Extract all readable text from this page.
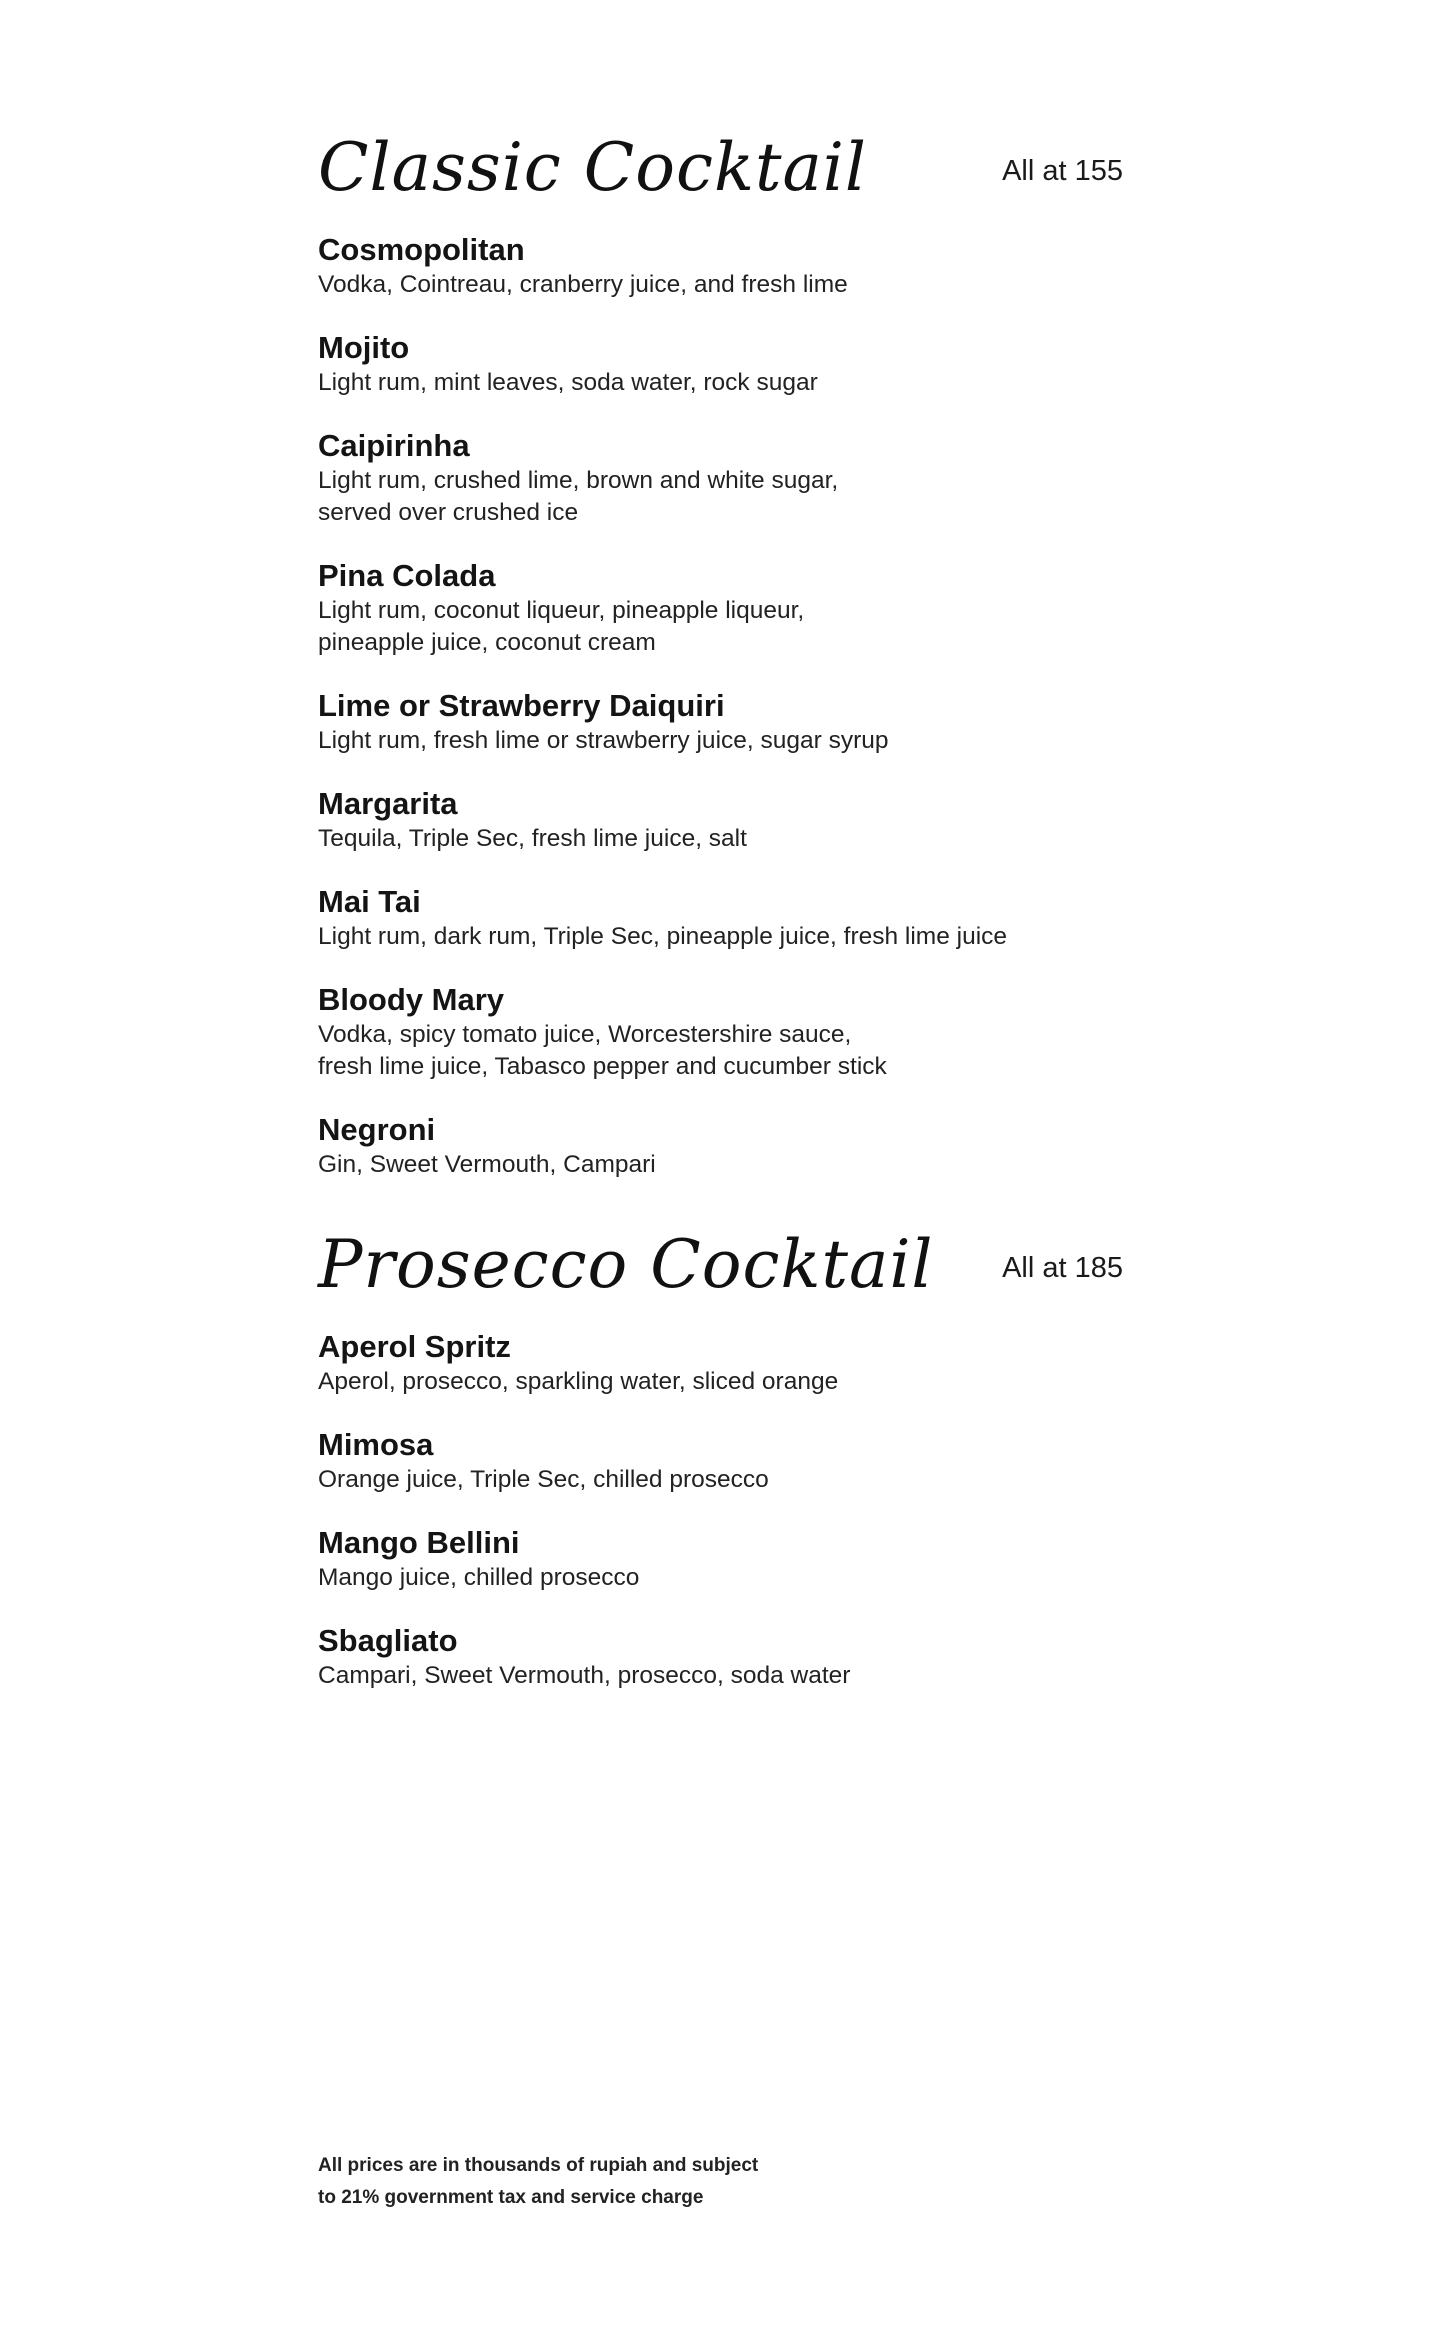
Classic Cocktail	All at 155
Cosmopolitan
Vodka, Cointreau, cranberry juice, and fresh lime
Mojito
Light rum, mint leaves, soda water, rock sugar
Caipirinha
Light rum, crushed lime, brown and white sugar,
served over crushed ice
Pina Colada
Light rum, coconut liqueur, pineapple liqueur,
pineapple juice, coconut cream
Lime or Strawberry Daiquiri
Light rum, fresh lime or strawberry juice, sugar syrup
Margarita
Tequila, Triple Sec, fresh lime juice, salt
Mai Tai
Light rum, dark rum, Triple Sec, pineapple juice, fresh lime juice
Bloody Mary
Vodka, spicy tomato juice, Worcestershire sauce,
fresh lime juice, Tabasco pepper and cucumber stick
Negroni
Gin, Sweet Vermouth, Campari
Prosecco Cocktail All at 185
Aperol Spritz
Aperol, prosecco, sparkling water, sliced orange
Mimosa
Orange juice, Triple Sec, chilled prosecco
Mango Bellini
Mango juice, chilled prosecco
Sbagliato
Campari, Sweet Vermouth, prosecco, soda water
All prices are in thousands of rupiah and subject
to 21% government tax and service charge
